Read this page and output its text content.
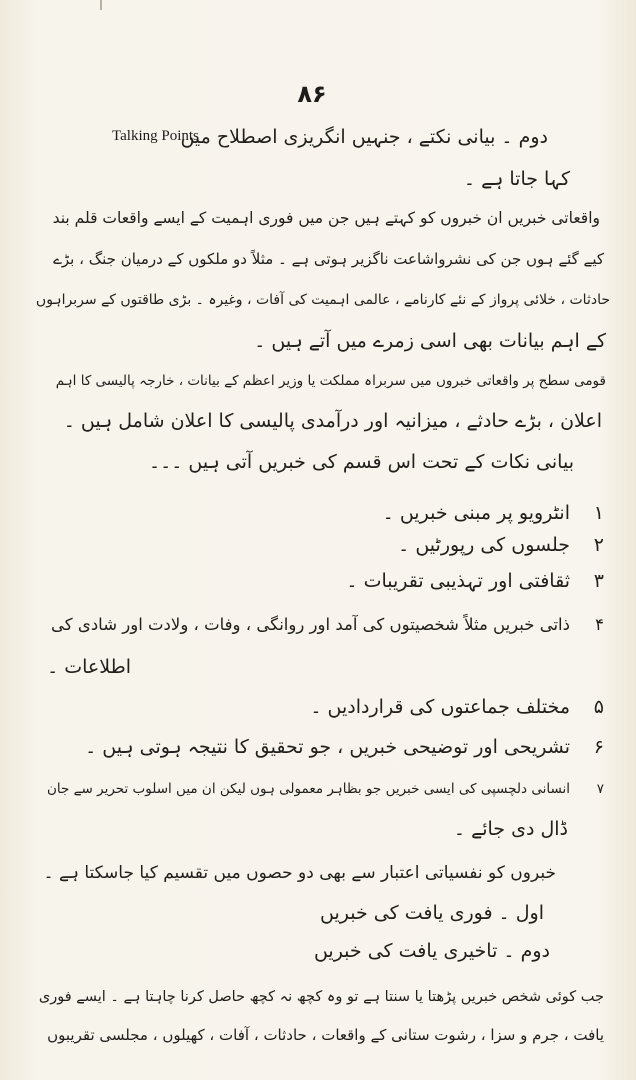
۸۶
دوم ۔ بیانی نکتے ، جنہیں انگریزی اصطلاح میں
Talking Points
کہا جاتا ہے ۔
واقعاتی خبریں ان خبروں کو کہتے ہیں جن میں فوری اہمیت کے ایسے واقعات قلم بند
کیے گئے ہوں جن کی نشرواشاعت ناگزیر ہوتی ہے ۔ مثلاً دو ملکوں کے درمیان جنگ ، بڑے
حادثات ، خلائی پرواز کے نئے کارنامے ، عالمی اہمیت کی آفات ، وغیرہ ۔ بڑی طاقتوں کے سربراہوں
کے اہم بیانات بھی اسی زمرے میں آتے ہیں ۔
قومی سطح پر واقعاتی خبروں میں سربراہ مملکت یا وزیر اعظم کے بیانات ، خارجہ پالیسی کا اہم
اعلان ، بڑے حادثے ، میزانیہ اور درآمدی پالیسی کا اعلان شامل ہیں ۔
بیانی نکات کے تحت اس قسم کی خبریں آتی ہیں ۔۔۔
۱انٹرویو پر مبنی خبریں ۔
۲جلسوں کی رپورٹیں ۔
۳ثقافتی اور تہذیبی تقریبات ۔
۴ذاتی خبریں مثلاً شخصیتوں کی آمد اور روانگی ، وفات ، ولادت اور شادی کی
اطلاعات ۔
۵مختلف جماعتوں کی قراردادیں ۔
۶تشریحی اور توضیحی خبریں ، جو تحقیق کا نتیجہ ہوتی ہیں ۔
۷انسانی دلچسپی کی ایسی خبریں جو بظاہر معمولی ہوں لیکن ان میں اسلوب تحریر سے جان
ڈال دی جائے ۔
خبروں کو نفسیاتی اعتبار سے بھی دو حصوں میں تقسیم کیا جاسکتا ہے ۔
اول ۔ فوری یافت کی خبریں
دوم ۔ تاخیری یافت کی خبریں
جب کوئی شخص خبریں پڑھتا یا سنتا ہے تو وہ کچھ نہ کچھ حاصل کرنا چاہتا ہے ۔ ایسے فوری
یافت ، جرم و سزا ، رشوت ستانی کے واقعات ، حادثات ، آفات ، کھیلوں ، مجلسی تقریبوں
